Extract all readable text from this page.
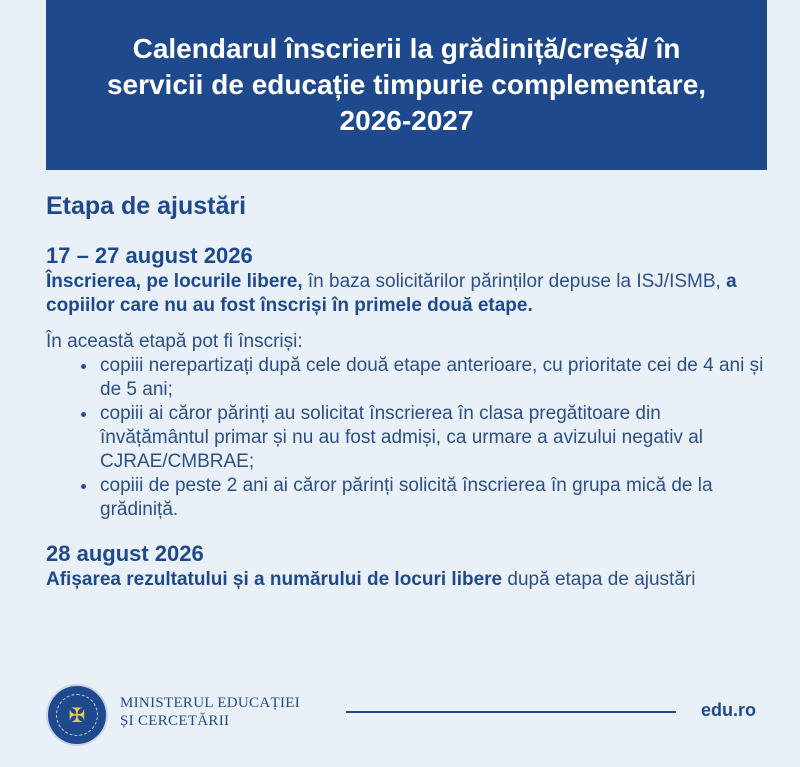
Calendarul înscrierii la grădiniță/creșă/ în servicii de educație timpurie complementare, 2026-2027
Etapa de ajustări
17 – 27 august 2026

Înscrierea, pe locurile libere, în baza solicitărilor părinților depuse la ISJ/ISMB, a copiilor care nu au fost înscriși în primele două etape.

În această etapă pot fi înscriși:

• copiii nerepartizați după cele două etape anterioare, cu prioritate cei de 4 ani și de 5 ani;
• copiii ai căror părinți au solicitat înscrierea în clasa pregătitoare din învățământul primar și nu au fost admiși, ca urmare a avizului negativ al CJRAE/CMBRAE;
• copiii de peste 2 ani ai căror părinți solicită înscrierea în grupa mică de la grădiniță.
28 august 2026

Afișarea rezultatului și a numărului de locuri libere după etapa de ajustări

✠
MINISTERUL EDUCAȚIEI
ȘI CERCETĂRII
edu.ro
